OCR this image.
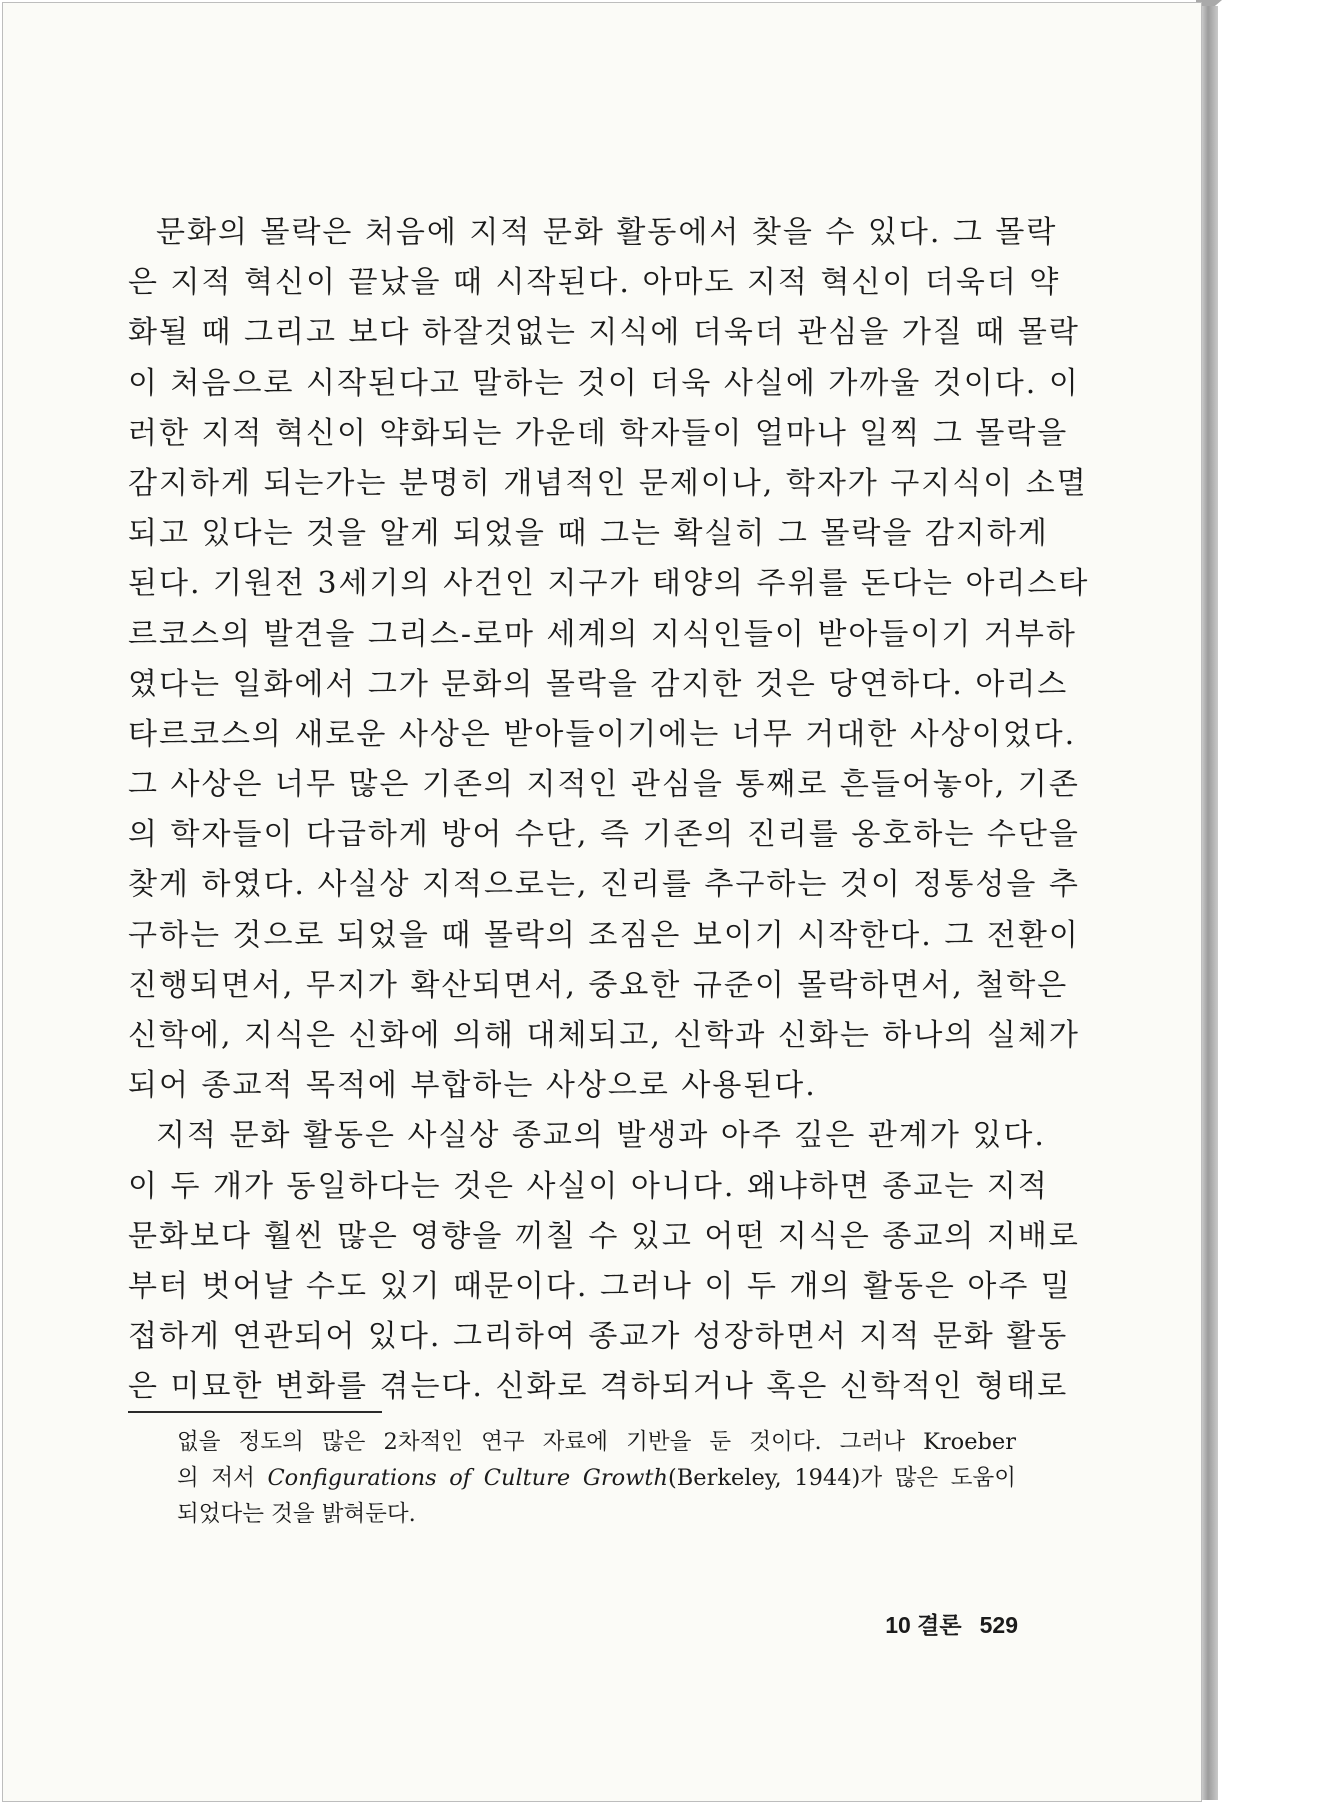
문화의 몰락은 처음에 지적 문화 활동에서 찾을 수 있다. 그 몰락
은 지적 혁신이 끝났을 때 시작된다. 아마도 지적 혁신이 더욱더 약
화될 때 그리고 보다 하잘것없는 지식에 더욱더 관심을 가질 때 몰락
이 처음으로 시작된다고 말하는 것이 더욱 사실에 가까울 것이다. 이
러한 지적 혁신이 약화되는 가운데 학자들이 얼마나 일찍 그 몰락을
감지하게 되는가는 분명히 개념적인 문제이나, 학자가 구지식이 소멸
되고 있다는 것을 알게 되었을 때 그는 확실히 그 몰락을 감지하게
된다. 기원전 3세기의 사건인 지구가 태양의 주위를 돈다는 아리스타
르코스의 발견을 그리스-로마 세계의 지식인들이 받아들이기 거부하
였다는 일화에서 그가 문화의 몰락을 감지한 것은 당연하다. 아리스
타르코스의 새로운 사상은 받아들이기에는 너무 거대한 사상이었다.
그 사상은 너무 많은 기존의 지적인 관심을 통째로 흔들어놓아, 기존
의 학자들이 다급하게 방어 수단, 즉 기존의 진리를 옹호하는 수단을
찾게 하였다. 사실상 지적으로는, 진리를 추구하는 것이 정통성을 추
구하는 것으로 되었을 때 몰락의 조짐은 보이기 시작한다. 그 전환이
진행되면서, 무지가 확산되면서, 중요한 규준이 몰락하면서, 철학은
신학에, 지식은 신화에 의해 대체되고, 신학과 신화는 하나의 실체가
되어 종교적 목적에 부합하는 사상으로 사용된다.
지적 문화 활동은 사실상 종교의 발생과 아주 깊은 관계가 있다.
이 두 개가 동일하다는 것은 사실이 아니다. 왜냐하면 종교는 지적
문화보다 훨씬 많은 영향을 끼칠 수 있고 어떤 지식은 종교의 지배로
부터 벗어날 수도 있기 때문이다. 그러나 이 두 개의 활동은 아주 밀
접하게 연관되어 있다. 그리하여 종교가 성장하면서 지적 문화 활동
은 미묘한 변화를 겪는다. 신화로 격하되거나 혹은 신학적인 형태로
없을 정도의 많은 2차적인 연구 자료에 기반을 둔 것이다. 그러나 Kroeber
의 저서 Configurations of Culture Growth(Berkeley, 1944)가 많은 도움이
되었다는 것을 밝혀둔다.
10 결론 529
